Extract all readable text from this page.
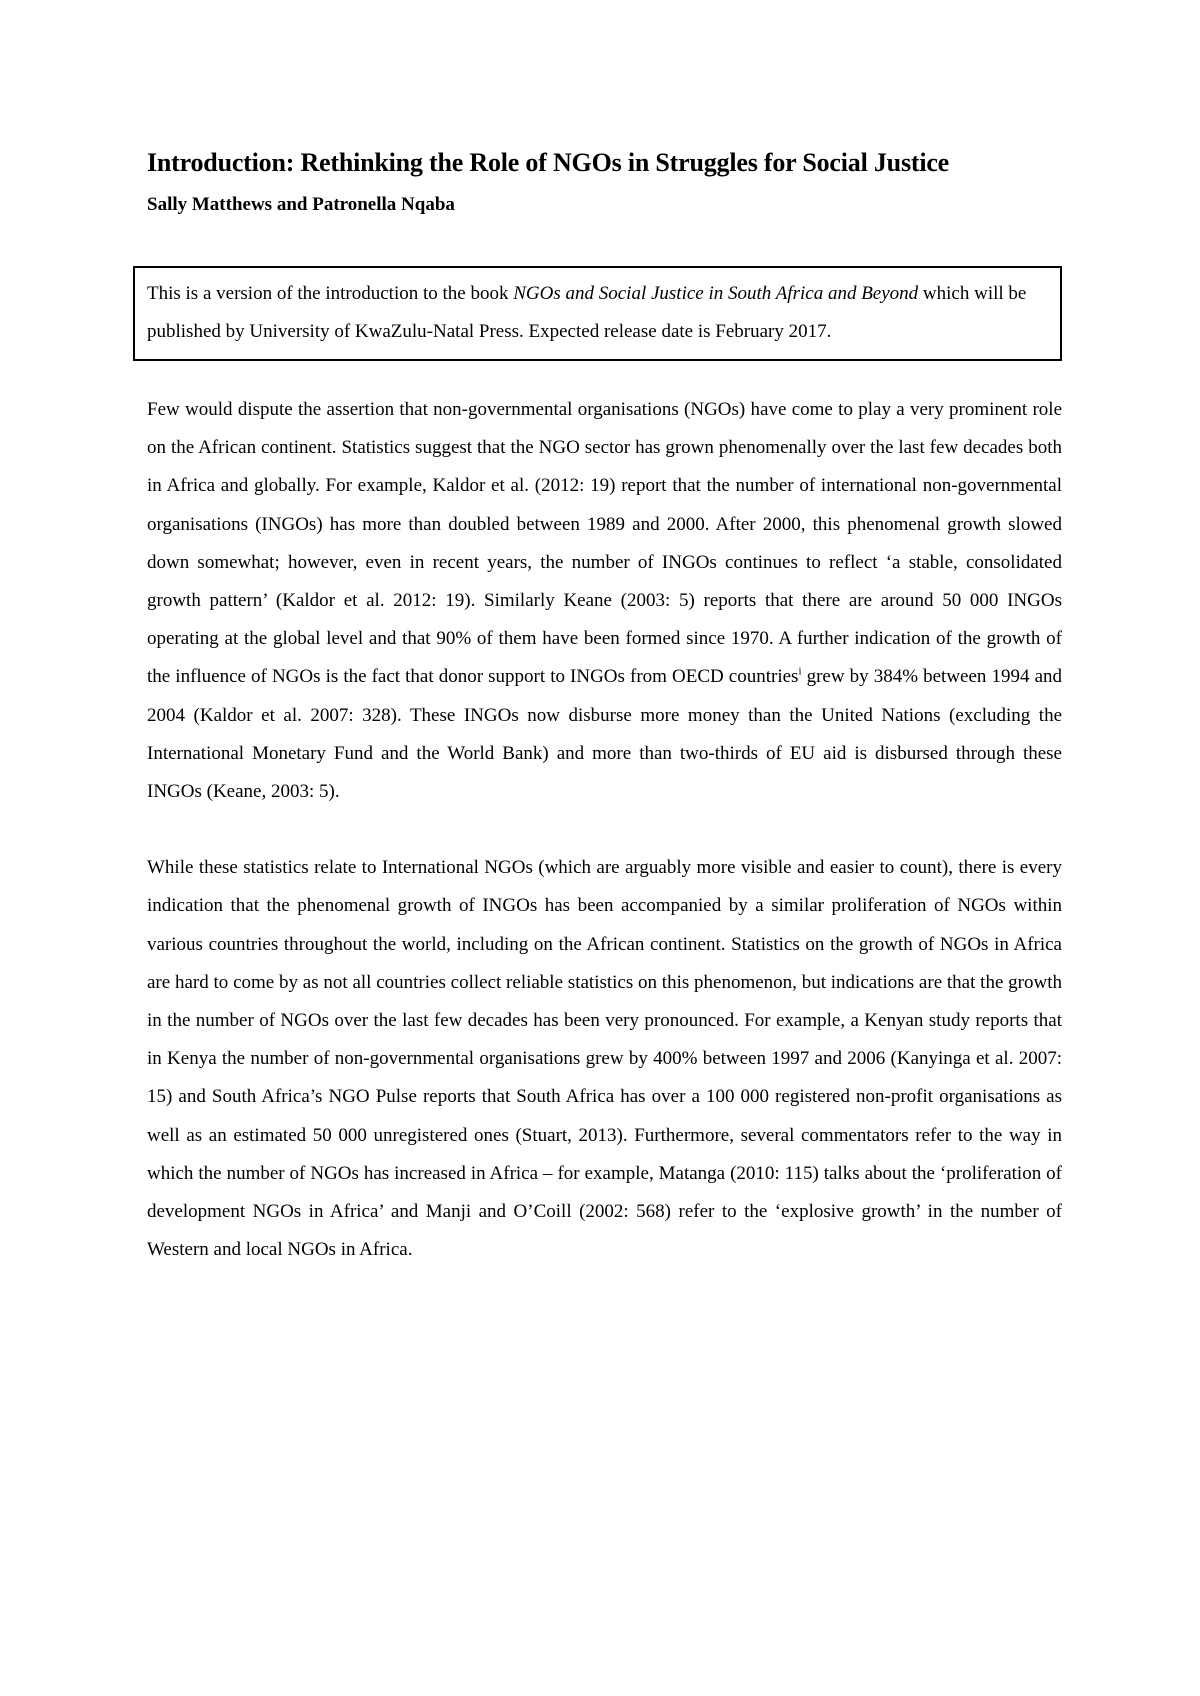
Introduction: Rethinking the Role of NGOs in Struggles for Social Justice
Sally Matthews and Patronella Nqaba

This is a version of the introduction to the book NGOs and Social Justice in South Africa and Beyond which will be published by University of KwaZulu-Natal Press. Expected release date is February 2017.

Few would dispute the assertion that non-governmental organisations (NGOs) have come to play a very prominent role on the African continent. Statistics suggest that the NGO sector has grown phenomenally over the last few decades both in Africa and globally. For example, Kaldor et al. (2012: 19) report that the number of international non-governmental organisations (INGOs) has more than doubled between 1989 and 2000. After 2000, this phenomenal growth slowed down somewhat; however, even in recent years, the number of INGOs continues to reflect ‘a stable, consolidated growth pattern’ (Kaldor et al. 2012: 19). Similarly Keane (2003: 5) reports that there are around 50 000 INGOs operating at the global level and that 90% of them have been formed since 1970. A further indication of the growth of the influence of NGOs is the fact that donor support to INGOs from OECD countries$^i$ grew by 384% between 1994 and 2004 (Kaldor et al. 2007: 328). These INGOs now disburse more money than the United Nations (excluding the International Monetary Fund and the World Bank) and more than two-thirds of EU aid is disbursed through these INGOs (Keane, 2003: 5).

While these statistics relate to International NGOs (which are arguably more visible and easier to count), there is every indication that the phenomenal growth of INGOs has been accompanied by a similar proliferation of NGOs within various countries throughout the world, including on the African continent. Statistics on the growth of NGOs in Africa are hard to come by as not all countries collect reliable statistics on this phenomenon, but indications are that the growth in the number of NGOs over the last few decades has been very pronounced. For example, a Kenyan study reports that in Kenya the number of non-governmental organisations grew by 400% between 1997 and 2006 (Kanyinga et al. 2007: 15) and South Africa’s NGO Pulse reports that South Africa has over a 100 000 registered non-profit organisations as well as an estimated 50 000 unregistered ones (Stuart, 2013). Furthermore, several commentators refer to the way in which the number of NGOs has increased in Africa – for example, Matanga (2010: 115) talks about the ‘proliferation of development NGOs in Africa’ and Manji and O’Coill (2002: 568) refer to the ‘explosive growth’ in the number of Western and local NGOs in Africa.
